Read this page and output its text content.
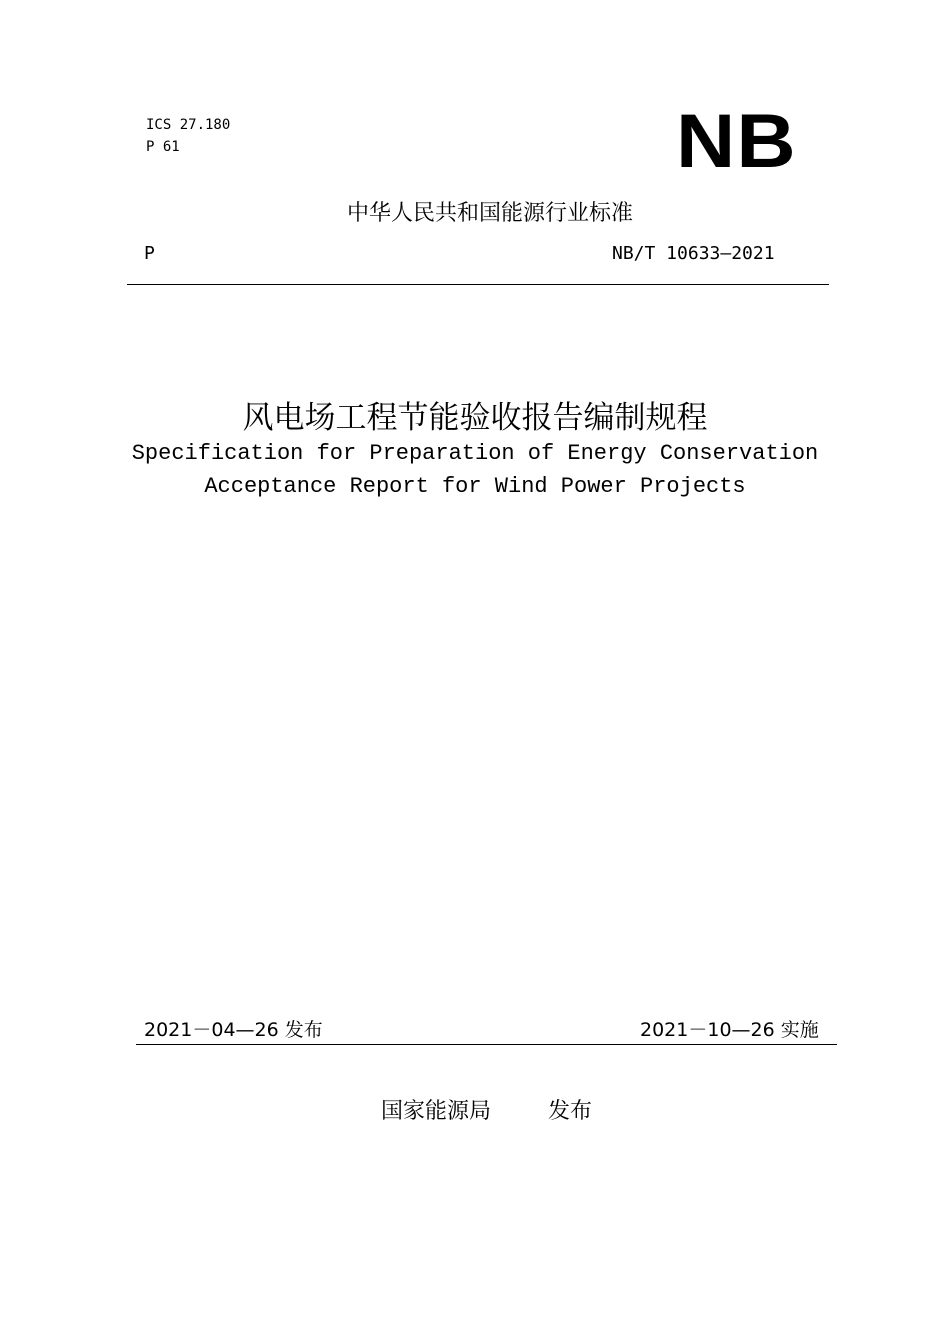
ICS 27.180
P 61	NB
中华人民共和国能源行业标准
P	NB/T 10633—2021
风电场工程节能验收报告编制规程
Specification for Preparation of Energy Conservation
Acceptance Report for Wind Power Projects
2021－04—26 发布	2021－10—26 实施
国家能源局	发布
